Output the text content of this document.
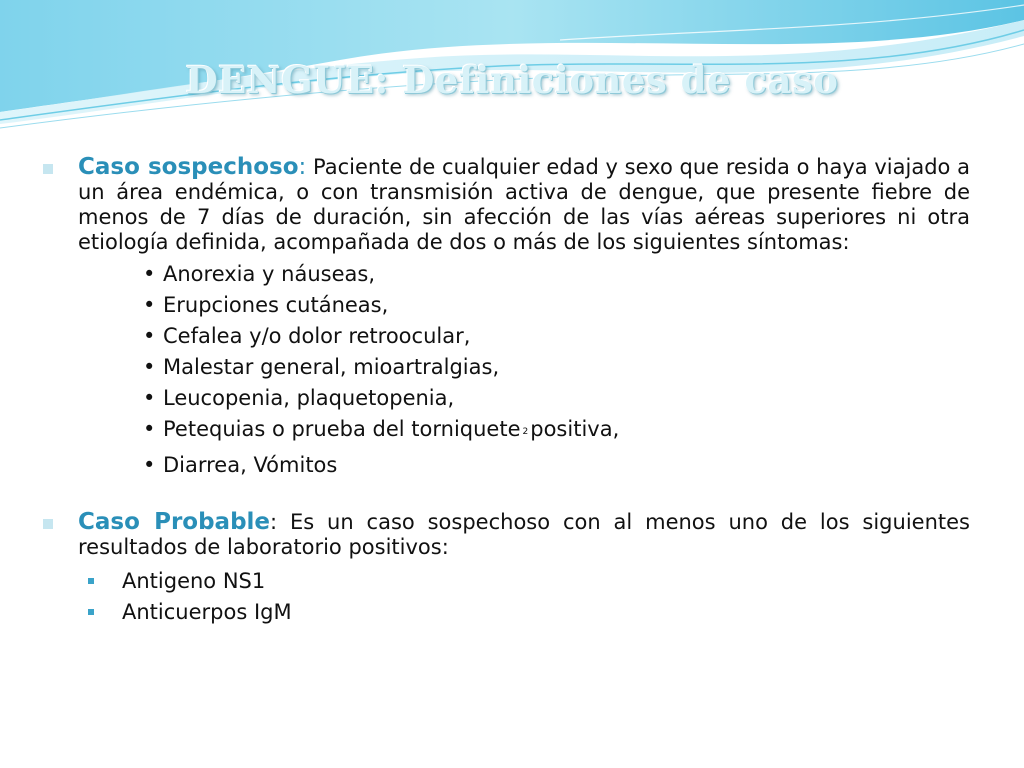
DENGUE: Definiciones de caso

Caso sospechoso: Paciente de cualquier edad y sexo que resida o haya viajado a un área endémica, o con transmisión activa de dengue, que presente fiebre de menos de 7 días de duración, sin afección de las vías aéreas superiores ni otra etiología definida, acompañada de dos o más de los siguientes síntomas:

• Anorexia y náuseas,
• Erupciones cutáneas,
• Cefalea y/o dolor retroocular,
• Malestar general, mioartralgias,
• Leucopenia, plaquetopenia,
• Petequias o prueba del torniquete 2positiva,
• Diarrea, Vómitos

Caso Probable: Es un caso sospechoso con al menos uno de los siguientes resultados de laboratorio positivos:

Antigeno NS1
Anticuerpos IgM
